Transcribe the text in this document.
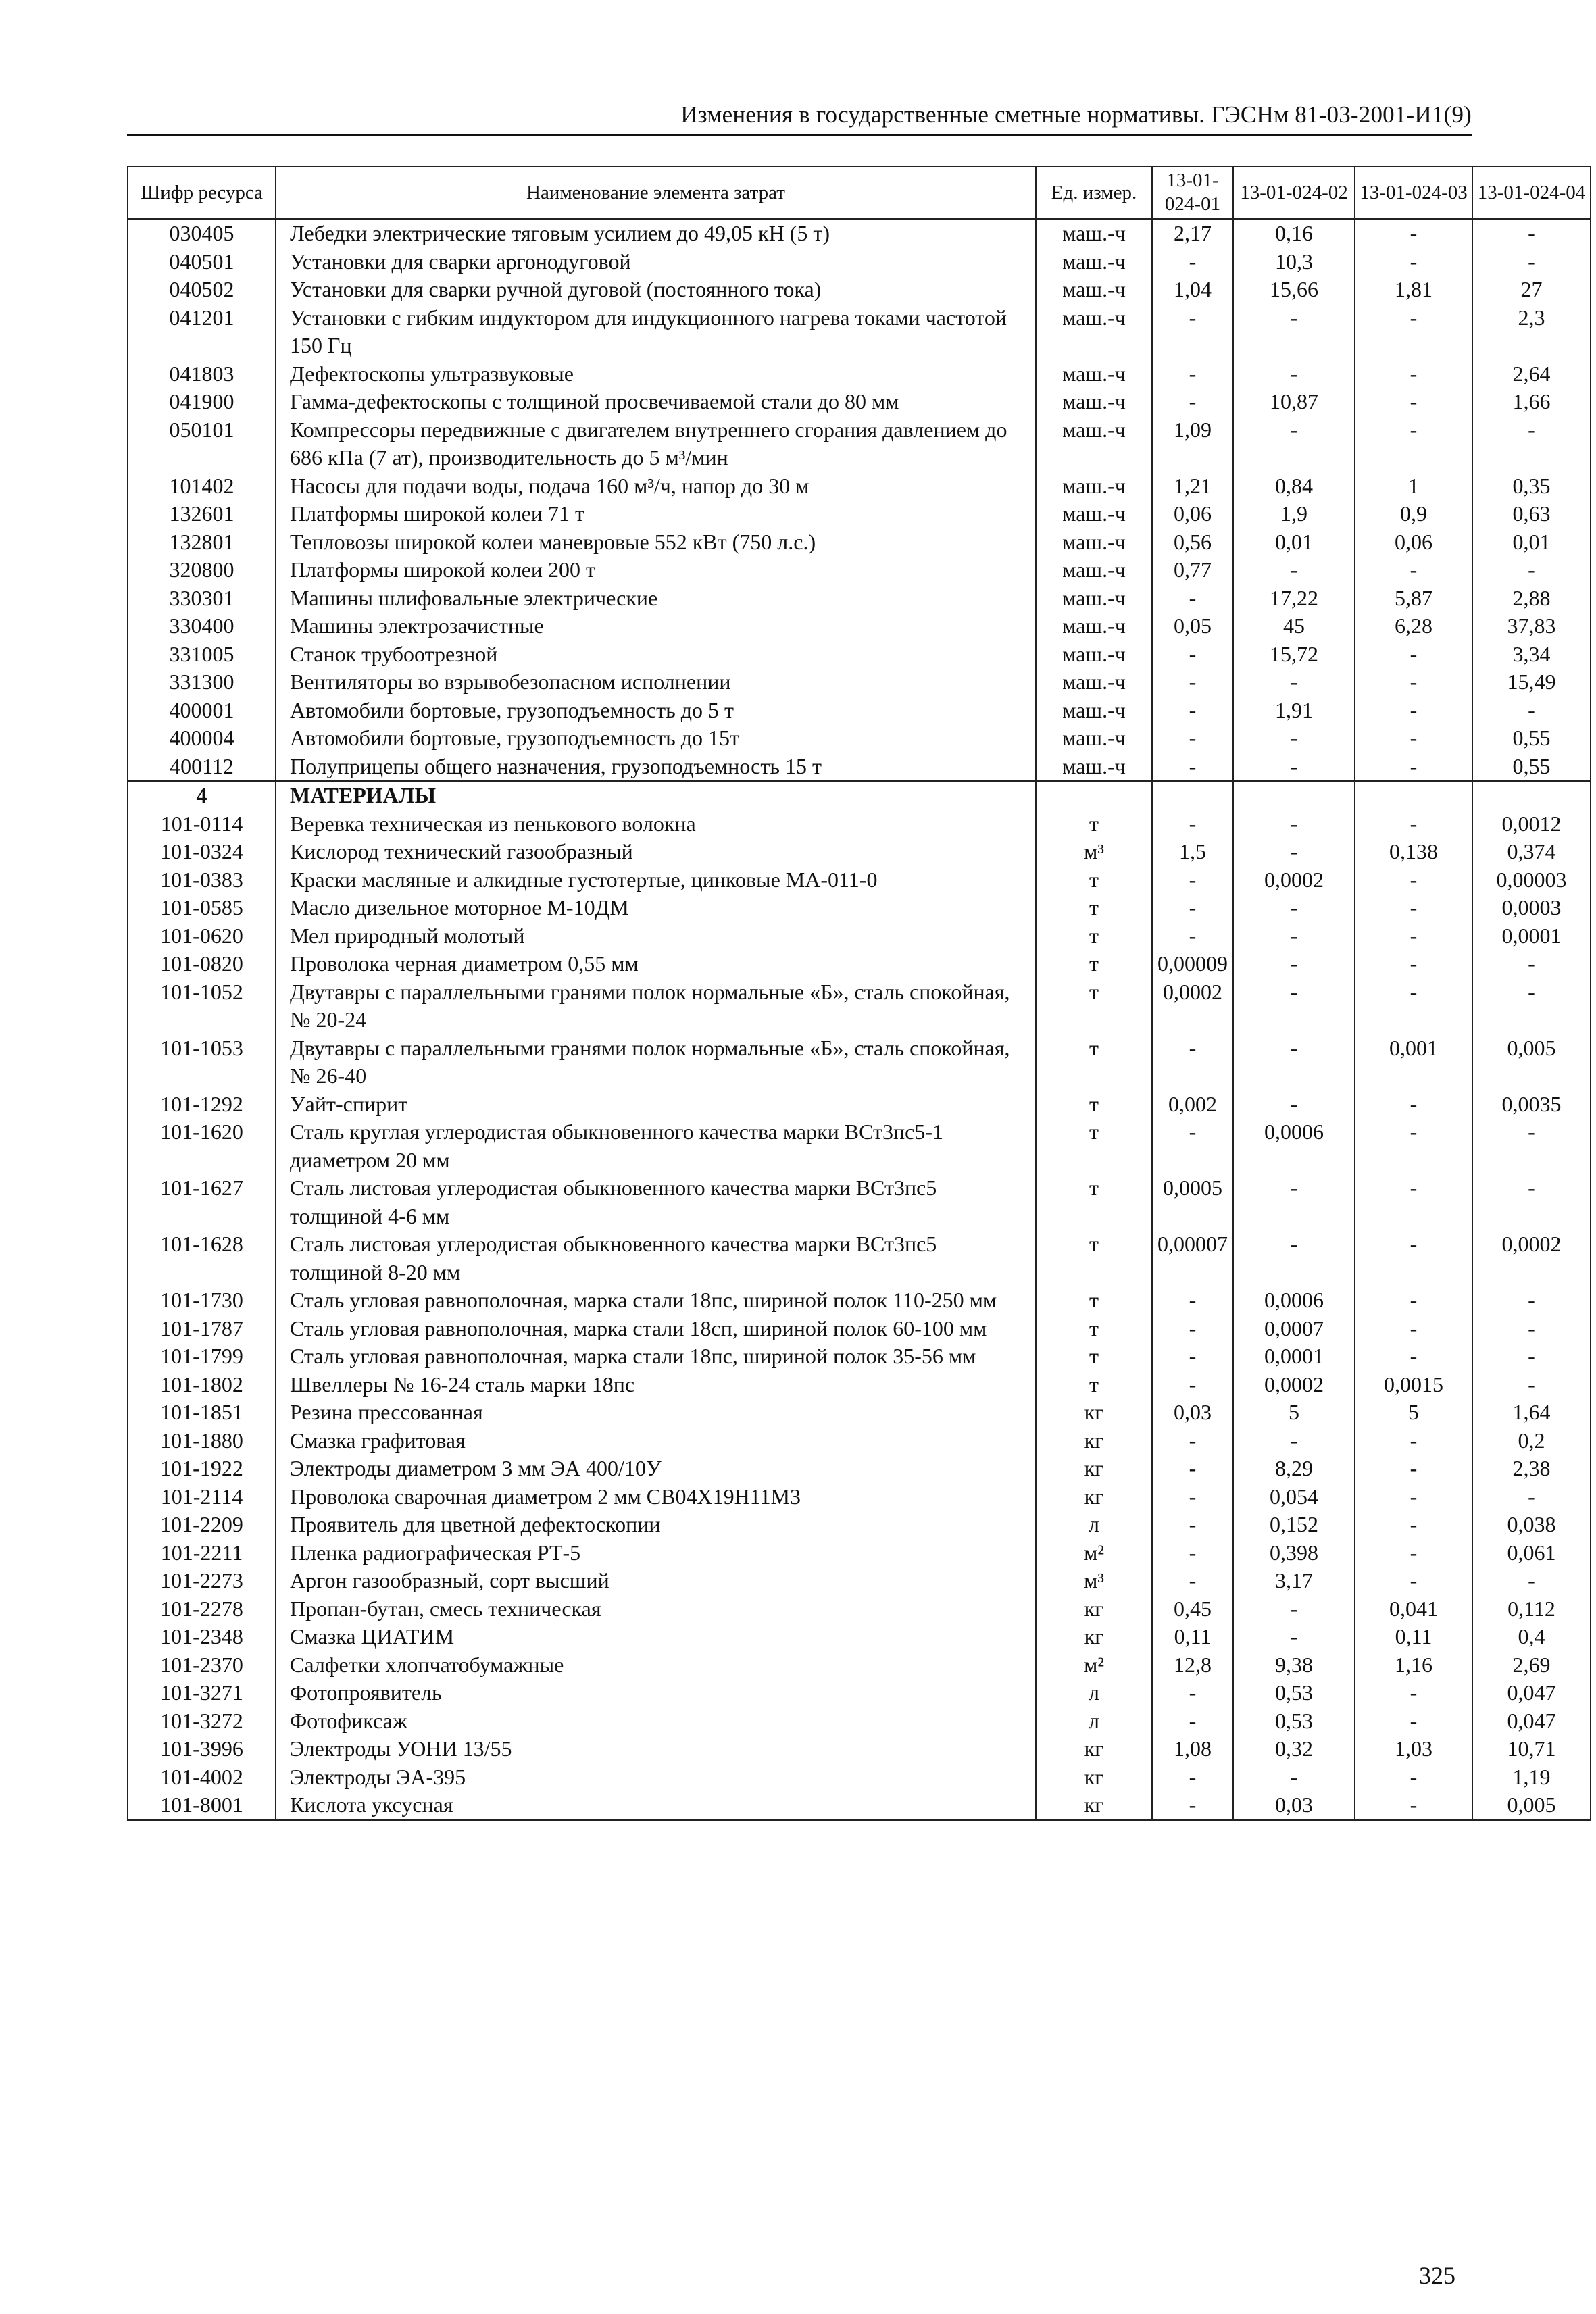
Изменения в государственные сметные нормативы. ГЭСНм 81-03-2001-И1(9)
Шифр ресурса	Наименование элемента затрат	Ед. измер.	13-01-024-01	13-01-024-02	13-01-024-03	13-01-024-04
030405	Лебедки электрические тяговым усилием до 49,05 кН (5 т)	маш.-ч	2,17	0,16	-	-
040501	Установки для сварки аргонодуговой	маш.-ч	-	10,3	-	-
040502	Установки для сварки ручной дуговой (постоянного тока)	маш.-ч	1,04	15,66	1,81	27
041201	Установки с гибким индуктором для индукционного нагрева токами частотой 150 Гц	маш.-ч	-	-	-	2,3
041803	Дефектоскопы ультразвуковые	маш.-ч	-	-	-	2,64
041900	Гамма-дефектоскопы с толщиной просвечиваемой стали до 80 мм	маш.-ч	-	10,87	-	1,66
050101	Компрессоры передвижные с двигателем внутреннего сгорания давлением до 686 кПа (7 ат), производительность до 5 м³/мин	маш.-ч	1,09	-	-	-
101402	Насосы для подачи воды, подача 160 м³/ч, напор до 30 м	маш.-ч	1,21	0,84	1	0,35
132601	Платформы широкой колеи 71 т	маш.-ч	0,06	1,9	0,9	0,63
132801	Тепловозы широкой колеи маневровые 552 кВт (750 л.с.)	маш.-ч	0,56	0,01	0,06	0,01
320800	Платформы широкой колеи 200 т	маш.-ч	0,77	-	-	-
330301	Машины шлифовальные электрические	маш.-ч	-	17,22	5,87	2,88
330400	Машины электрозачистные	маш.-ч	0,05	45	6,28	37,83
331005	Станок трубоотрезной	маш.-ч	-	15,72	-	3,34
331300	Вентиляторы во взрывобезопасном исполнении	маш.-ч	-	-	-	15,49
400001	Автомобили бортовые, грузоподъемность до 5 т	маш.-ч	-	1,91	-	-
400004	Автомобили бортовые, грузоподъемность до 15т	маш.-ч	-	-	-	0,55
400112	Полуприцепы общего назначения, грузоподъемность 15 т	маш.-ч	-	-	-	0,55
4	МАТЕРИАЛЫ					
101-0114	Веревка техническая из пенькового волокна	т	-	-	-	0,0012
101-0324	Кислород технический газообразный	м³	1,5	-	0,138	0,374
101-0383	Краски масляные и алкидные густотертые, цинковые МА-011-0	т	-	0,0002	-	0,00003
101-0585	Масло дизельное моторное М-10ДМ	т	-	-	-	0,0003
101-0620	Мел природный молотый	т	-	-	-	0,0001
101-0820	Проволока черная диаметром 0,55 мм	т	0,00009	-	-	-
101-1052	Двутавры с параллельными гранями полок нормальные «Б», сталь спокойная, № 20-24	т	0,0002	-	-	-
101-1053	Двутавры с параллельными гранями полок нормальные «Б», сталь спокойная, № 26-40	т	-	-	0,001	0,005
101-1292	Уайт-спирит	т	0,002	-	-	0,0035
101-1620	Сталь круглая углеродистая обыкновенного качества марки ВСт3пс5-1 диаметром 20 мм	т	-	0,0006	-	-
101-1627	Сталь листовая углеродистая обыкновенного качества марки ВСт3пс5 толщиной 4-6 мм	т	0,0005	-	-	-
101-1628	Сталь листовая углеродистая обыкновенного качества марки ВСт3пс5 толщиной 8-20 мм	т	0,00007	-	-	0,0002
101-1730	Сталь угловая равнополочная, марка стали 18пс, шириной полок 110-250 мм	т	-	0,0006	-	-
101-1787	Сталь угловая равнополочная, марка стали 18сп, шириной полок 60-100 мм	т	-	0,0007	-	-
101-1799	Сталь угловая равнополочная, марка стали 18пс, шириной полок 35-56 мм	т	-	0,0001	-	-
101-1802	Швеллеры № 16-24 сталь марки 18пс	т	-	0,0002	0,0015	-
101-1851	Резина прессованная	кг	0,03	5	5	1,64
101-1880	Смазка графитовая	кг	-	-	-	0,2
101-1922	Электроды диаметром 3 мм ЭА 400/10У	кг	-	8,29	-	2,38
101-2114	Проволока сварочная диаметром 2 мм СВ04Х19Н11М3	кг	-	0,054	-	-
101-2209	Проявитель для цветной дефектоскопии	л	-	0,152	-	0,038
101-2211	Пленка радиографическая РТ-5	м²	-	0,398	-	0,061
101-2273	Аргон газообразный, сорт высший	м³	-	3,17	-	-
101-2278	Пропан-бутан, смесь техническая	кг	0,45	-	0,041	0,112
101-2348	Смазка ЦИАТИМ	кг	0,11	-	0,11	0,4
101-2370	Салфетки хлопчатобумажные	м²	12,8	9,38	1,16	2,69
101-3271	Фотопроявитель	л	-	0,53	-	0,047
101-3272	Фотофиксаж	л	-	0,53	-	0,047
101-3996	Электроды УОНИ 13/55	кг	1,08	0,32	1,03	10,71
101-4002	Электроды ЭА-395	кг	-	-	-	1,19
101-8001	Кислота уксусная	кг	-	0,03	-	0,005
325
